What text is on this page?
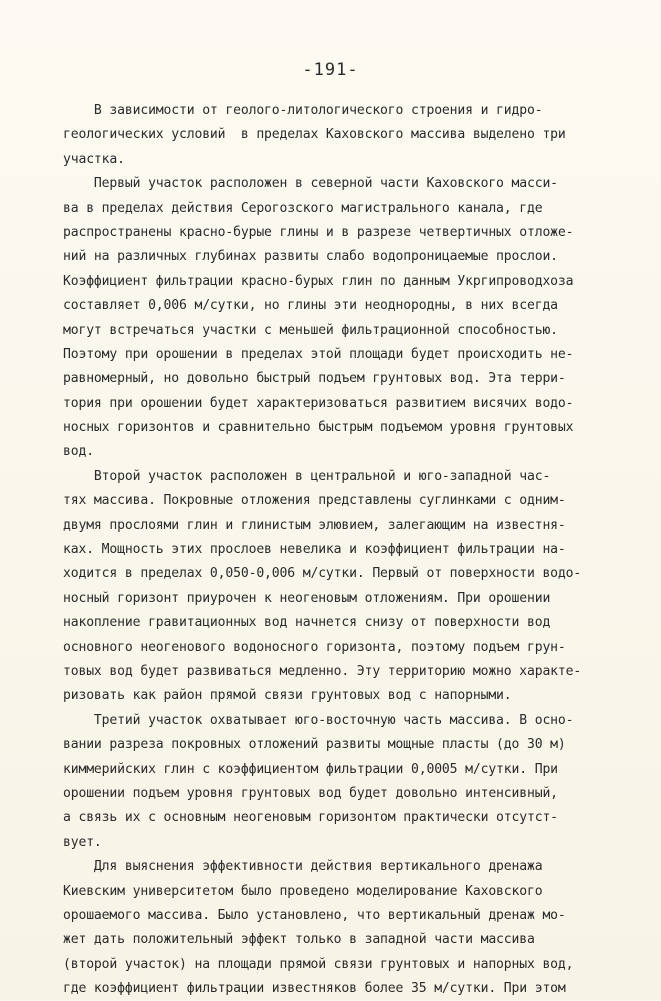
-191-
В зависимости от геолого-литологического строения и гидро-
геологических условий  в пределах Каховского массива выделено три
участка.
Первый участок расположен в северной части Каховского масси-
ва в пределах действия Серогозского магистрального канала, где
распространены красно-бурые глины и в разрезе четвертичных отложе-
ний на различных глубинах развиты слабо водопроницаемые прослои.
Коэффициент фильтрации красно-бурых глин по данным Укргипроводхоза
составляет 0,006 м/сутки, но глины эти неоднородны, в них всегда
могут встречаться участки с меньшей фильтрационной способностью.
Поэтому при орошении в пределах этой площади будет происходить не-
равномерный, но довольно быстрый подъем грунтовых вод. Эта терри-
тория при орошении будет характеризоваться развитием висячих водо-
носных горизонтов и сравнительно быстрым подъемом уровня грунтовых
вод.
Второй участок расположен в центральной и юго-западной час-
тях массива. Покровные отложения представлены суглинками с одним-
двумя прослоями глин и глинистым элювием, залегающим на известня-
ках. Мощность этих прослоев невелика и коэффициент фильтрации на-
ходится в пределах 0,050-0,006 м/сутки. Первый от поверхности водо-
носный горизонт приурочен к неогеновым отложениям. При орошении
накопление гравитационных вод начнется снизу от поверхности вод
основного неогенового водоносного горизонта, поэтому подъем грун-
товых вод будет развиваться медленно. Эту территорию можно характе-
ризовать как район прямой связи грунтовых вод с напорными.
Третий участок охватывает юго-восточную часть массива. В осно-
вании разреза покровных отложений развиты мощные пласты (до 30 м)
киммерийских глин с коэффициентом фильтрации 0,0005 м/сутки. При
орошении подъем уровня грунтовых вод будет довольно интенсивный,
а связь их с основным неогеновым горизонтом практически отсутст-
вует.
Для выяснения эффективности действия вертикального дренажа
Киевским университетом было проведено моделирование Каховского
орошаемого массива. Было установлено, что вертикальный дренаж мо-
жет дать положительный эффект только в западной части массива
(второй участок) на площади прямой связи грунтовых и напорных вод,
где коэффициент фильтрации известняков более 35 м/сутки. При этом
